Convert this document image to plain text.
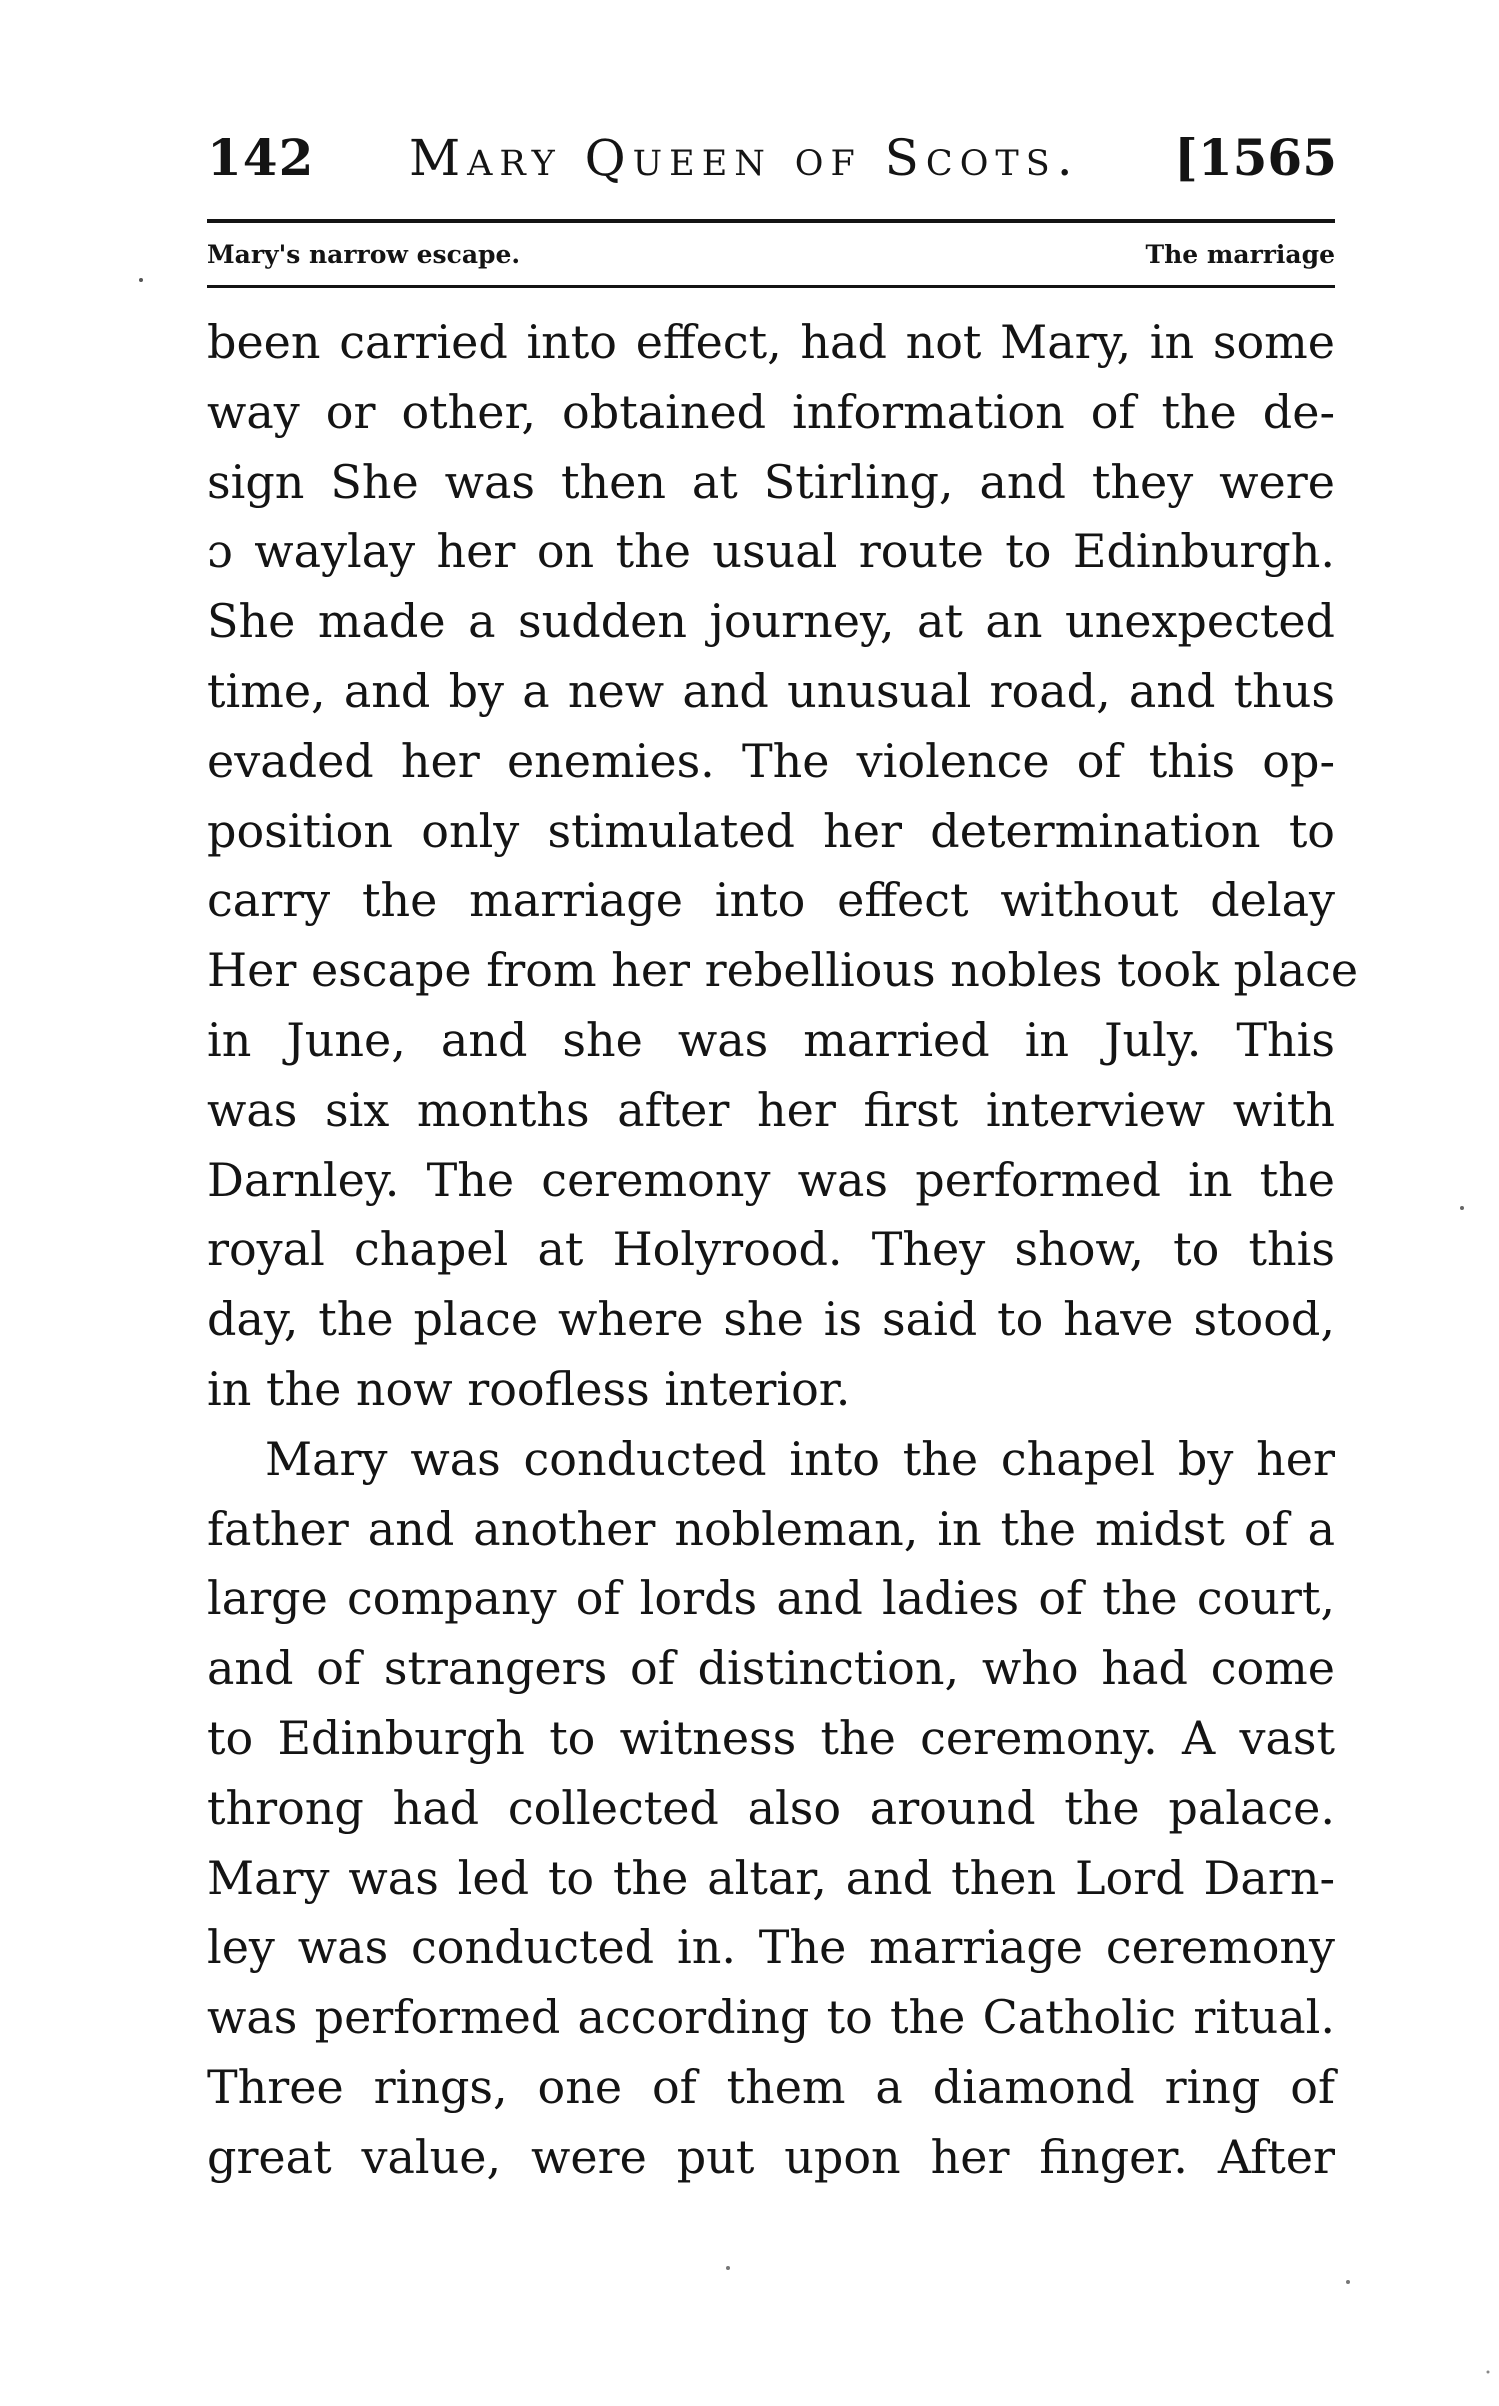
142 Mary Queen of Scots. [1565
Mary's narrow escape.	The marriage
been carried into effect, had not Mary, in some
way or other, obtained information of the de-
sign She was then at Stirling, and they were
ɔ waylay her on the usual route to Edinburgh.
She made a sudden journey, at an unexpected
time, and by a new and unusual road, and thus
evaded her enemies. The violence of this op-
position only stimulated her determination to
carry the marriage into effect without delay
Her escape from her rebellious nobles took place
in June, and she was married in July. This
was six months after her first interview with
Darnley. The ceremony was performed in the
royal chapel at Holyrood. They show, to this
day, the place where she is said to have stood,
in the now roofless interior.
Mary was conducted into the chapel by her
father and another nobleman, in the midst of a
large company of lords and ladies of the court,
and of strangers of distinction, who had come
to Edinburgh to witness the ceremony. A vast
throng had collected also around the palace.
Mary was led to the altar, and then Lord Darn-
ley was conducted in. The marriage ceremony
was performed according to the Catholic ritual.
Three rings, one of them a diamond ring of
great value, were put upon her finger. After
